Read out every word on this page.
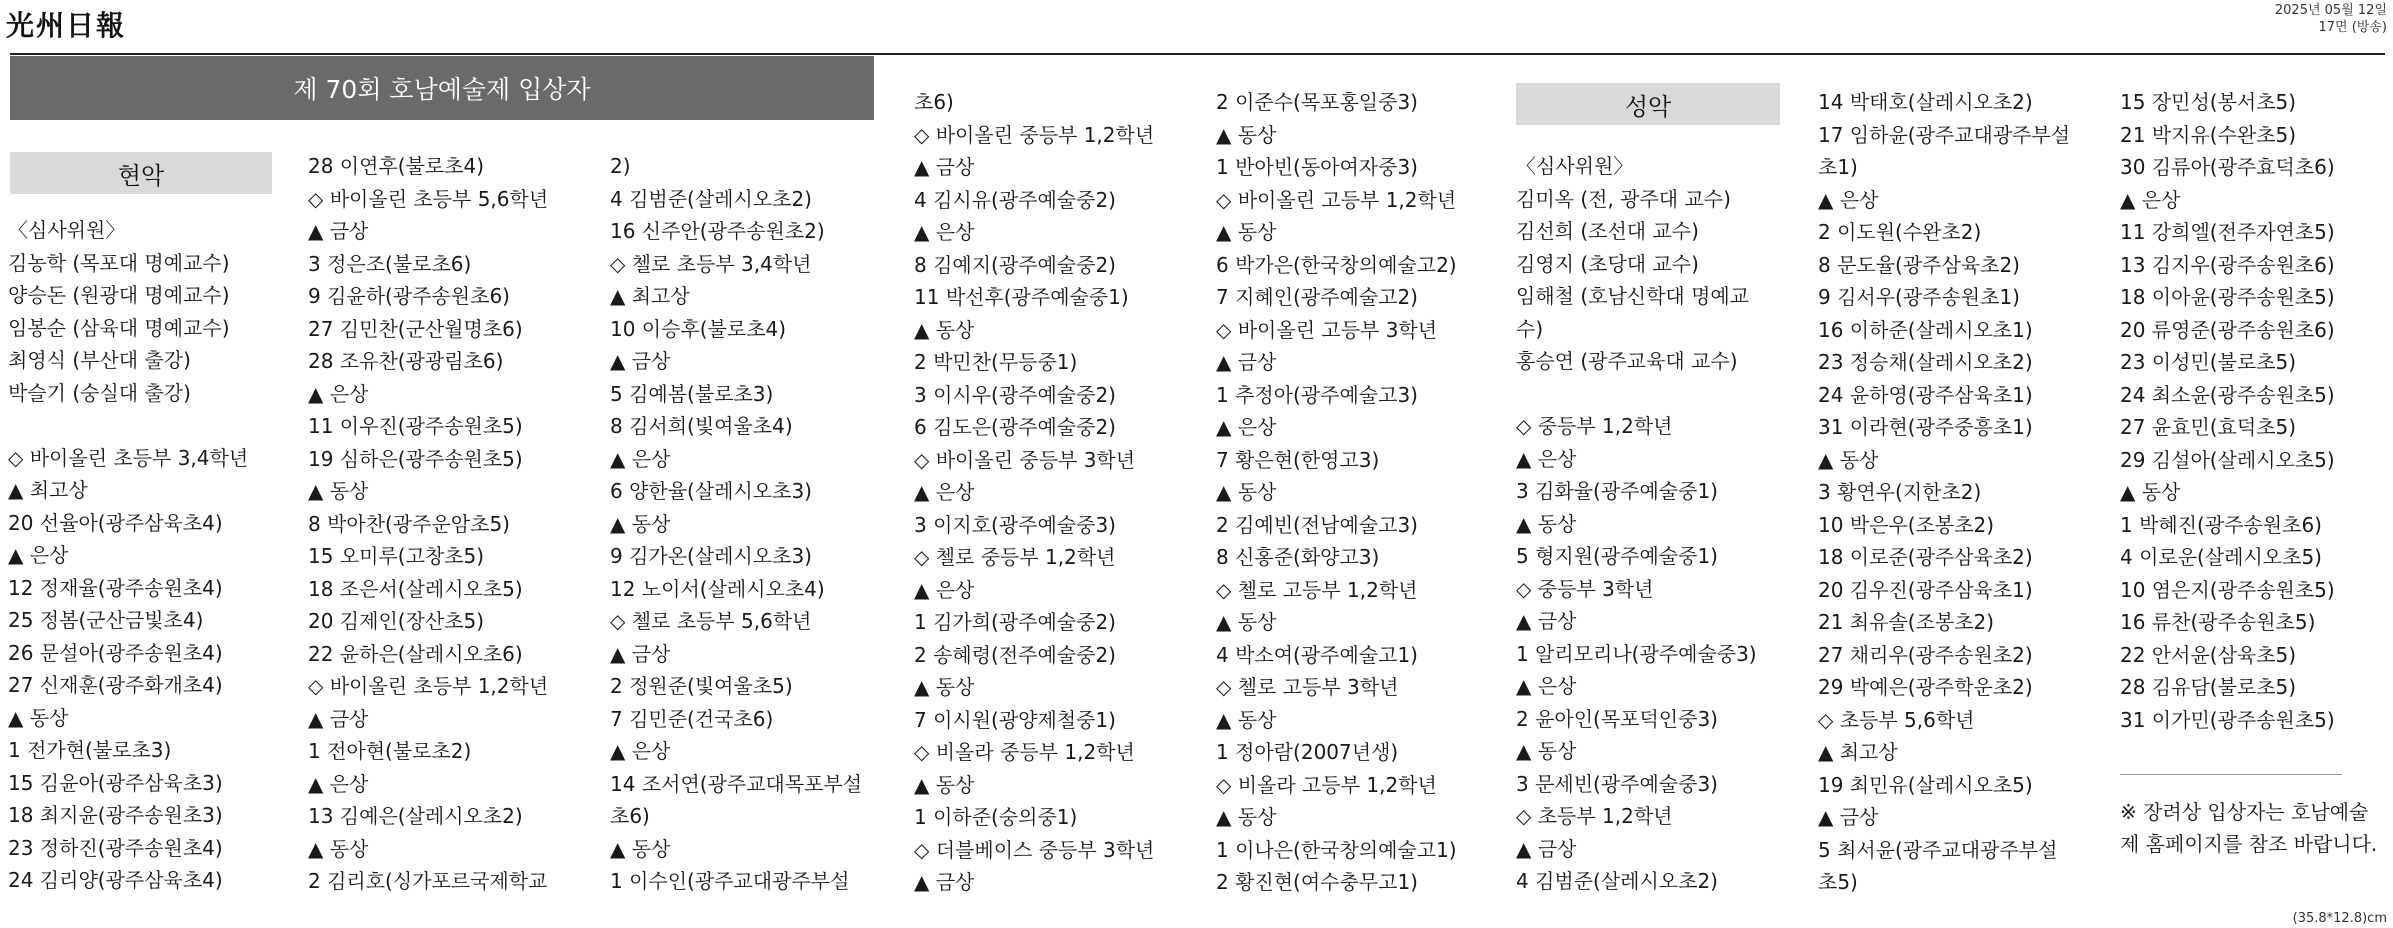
光州日報	2025년 05월 12일
17면 (방송)
제 70회 호남예술제 입상자
현악
성악
〈심사위원〉
김농학 (목포대 명예교수)
양승돈 (원광대 명예교수)
임봉순 (삼육대 명예교수)
최영식 (부산대 출강)
박슬기 (숭실대 출강)
◇ 바이올린 초등부 3,4학년
▲ 최고상
20 선율아(광주삼육초4)
▲ 은상
12 정재율(광주송원초4)
25 정봄(군산금빛초4)
26 문설아(광주송원초4)
27 신재훈(광주화개초4)
▲ 동상
1 전가현(불로초3)
15 김윤아(광주삼육초3)
18 최지윤(광주송원초3)
23 정하진(광주송원초4)
24 김리양(광주삼육초4)
28 이연후(불로초4)
◇ 바이올린 초등부 5,6학년
▲ 금상
3 정은조(불로초6)
9 김윤하(광주송원초6)
27 김민찬(군산월명초6)
28 조유찬(광광림초6)
▲ 은상
11 이우진(광주송원초5)
19 심하은(광주송원초5)
▲ 동상
8 박아찬(광주운암초5)
15 오미루(고창초5)
18 조은서(살레시오초5)
20 김제인(장산초5)
22 윤하은(살레시오초6)
◇ 바이올린 초등부 1,2학년
▲ 금상
1 전아현(불로초2)
▲ 은상
13 김예은(살레시오초2)
▲ 동상
2 김리호(싱가포르국제학교
2)
4 김범준(살레시오초2)
16 신주안(광주송원초2)
◇ 첼로 초등부 3,4학년
▲ 최고상
10 이승후(불로초4)
▲ 금상
5 김예봄(불로초3)
8 김서희(빛여울초4)
▲ 은상
6 양한율(살레시오초3)
▲ 동상
9 김가온(살레시오초3)
12 노이서(살레시오초4)
◇ 첼로 초등부 5,6학년
▲ 금상
2 정원준(빛여울초5)
7 김민준(건국초6)
▲ 은상
14 조서연(광주교대목포부설
초6)
▲ 동상
1 이수인(광주교대광주부설
초6)
◇ 바이올린 중등부 1,2학년
▲ 금상
4 김시유(광주예술중2)
▲ 은상
8 김예지(광주예술중2)
11 박선후(광주예술중1)
▲ 동상
2 박민찬(무등중1)
3 이시우(광주예술중2)
6 김도은(광주예술중2)
◇ 바이올린 중등부 3학년
▲ 은상
3 이지호(광주예술중3)
◇ 첼로 중등부 1,2학년
▲ 은상
1 김가희(광주예술중2)
2 송혜령(전주예술중2)
▲ 동상
7 이시원(광양제철중1)
◇ 비올라 중등부 1,2학년
▲ 동상
1 이하준(숭의중1)
◇ 더블베이스 중등부 3학년
▲ 금상
2 이준수(목포홍일중3)
▲ 동상
1 반아빈(동아여자중3)
◇ 바이올린 고등부 1,2학년
▲ 동상
6 박가은(한국창의예술고2)
7 지혜인(광주예술고2)
◇ 바이올린 고등부 3학년
▲ 금상
1 추정아(광주예술고3)
▲ 은상
7 황은현(한영고3)
▲ 동상
2 김예빈(전남예술고3)
8 신홍준(화양고3)
◇ 첼로 고등부 1,2학년
▲ 동상
4 박소여(광주예술고1)
◇ 첼로 고등부 3학년
▲ 동상
1 정아람(2007년생)
◇ 비올라 고등부 1,2학년
▲ 동상
1 이나은(한국창의예술고1)
2 황진현(여수충무고1)
〈심사위원〉
김미옥 (전, 광주대 교수)
김선희 (조선대 교수)
김영지 (초당대 교수)
임해철 (호남신학대 명예교
수)
홍승연 (광주교육대 교수)
◇ 중등부 1,2학년
▲ 은상
3 김화율(광주예술중1)
▲ 동상
5 형지원(광주예술중1)
◇ 중등부 3학년
▲ 금상
1 알리모리나(광주예술중3)
▲ 은상
2 윤아인(목포덕인중3)
▲ 동상
3 문세빈(광주예술중3)
◇ 초등부 1,2학년
▲ 금상
4 김범준(살레시오초2)
14 박태호(살레시오초2)
17 임하윤(광주교대광주부설
초1)
▲ 은상
2 이도원(수완초2)
8 문도율(광주삼육초2)
9 김서우(광주송원초1)
16 이하준(살레시오초1)
23 정승채(살레시오초2)
24 윤하영(광주삼육초1)
31 이라현(광주중흥초1)
▲ 동상
3 황연우(지한초2)
10 박은우(조봉초2)
18 이로준(광주삼육초2)
20 김우진(광주삼육초1)
21 최유솔(조봉초2)
27 채리우(광주송원초2)
29 박예은(광주학운초2)
◇ 초등부 5,6학년
▲ 최고상
19 최민유(살레시오초5)
▲ 금상
5 최서윤(광주교대광주부설
초5)
15 장민성(봉서초5)
21 박지유(수완초5)
30 김류아(광주효덕초6)
▲ 은상
11 강희엘(전주자연초5)
13 김지우(광주송원초6)
18 이아윤(광주송원초5)
20 류영준(광주송원초6)
23 이성민(불로초5)
24 최소윤(광주송원초5)
27 윤효민(효덕초5)
29 김설아(살레시오초5)
▲ 동상
1 박혜진(광주송원초6)
4 이로운(살레시오초5)
10 염은지(광주송원초5)
16 류찬(광주송원초5)
22 안서윤(삼육초5)
28 김유담(불로초5)
31 이가민(광주송원초5)
※ 장려상 입상자는 호남예술제 홈페이지를 참조 바랍니다.
(35.8*12.8)cm
